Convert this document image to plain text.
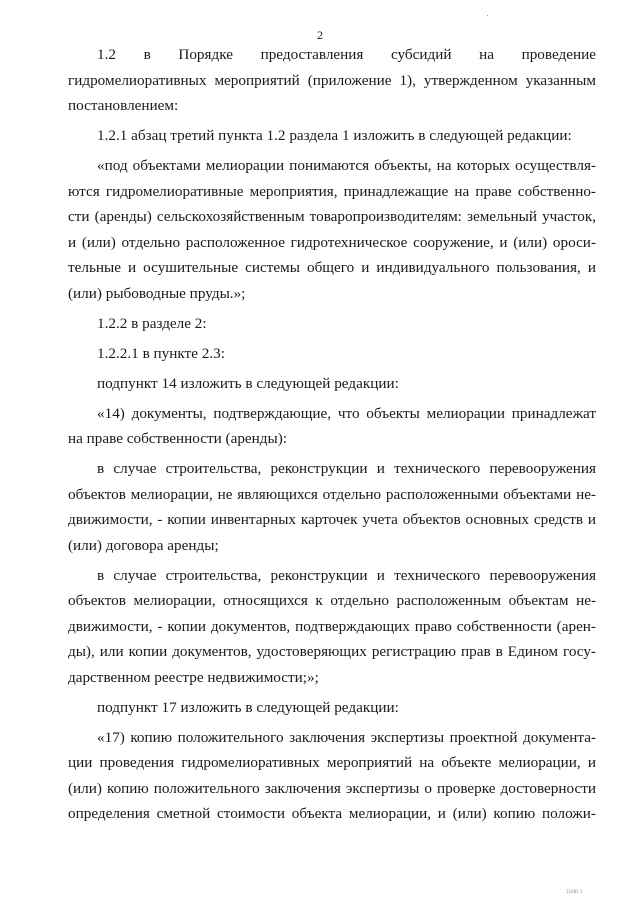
2
1.2 в Порядке предоставления субсидий на проведение
гидромелиоративных мероприятий (приложение 1), утвержденном указанным
постановлением:
1.2.1 абзац третий пункта 1.2 раздела 1 изложить в следующей редакции:
«под объектами мелиорации понимаются объекты, на которых осуществля-
ются гидромелиоративные мероприятия, принадлежащие на праве собственно-
сти (аренды) сельскохозяйственным товаропроизводителям: земельный участок,
и (или) отдельно расположенное гидротехническое сооружение, и (или) ороси-
тельные и осушительные системы общего и индивидуального пользования, и
(или) рыбоводные пруды.»;
1.2.2 в разделе 2:
1.2.2.1 в пункте 2.3:
подпункт 14 изложить в следующей редакции:
«14) документы, подтверждающие, что объекты мелиорации принадлежат
на праве собственности (аренды):
в случае строительства, реконструкции и технического перевооружения
объектов мелиорации, не являющихся отдельно расположенными объектами не-
движимости, - копии инвентарных карточек учета объектов основных средств и
(или) договора аренды;
в случае строительства, реконструкции и технического перевооружения
объектов мелиорации, относящихся к отдельно расположенным объектам не-
движимости, - копии документов, подтверждающих право собственности (арен-
ды), или копии документов, удостоверяющих регистрацию прав в Едином госу-
дарственном реестре недвижимости;»;
подпункт 17 изложить в следующей редакции:
«17) копию положительного заключения экспертизы проектной документа-
ции проведения гидромелиоративных мероприятий на объекте мелиорации, и
(или) копию положительного заключения экспертизы о проверке достоверности
определения сметной стоимости объекта мелиорации, и (или) копию положи-
11081 1
